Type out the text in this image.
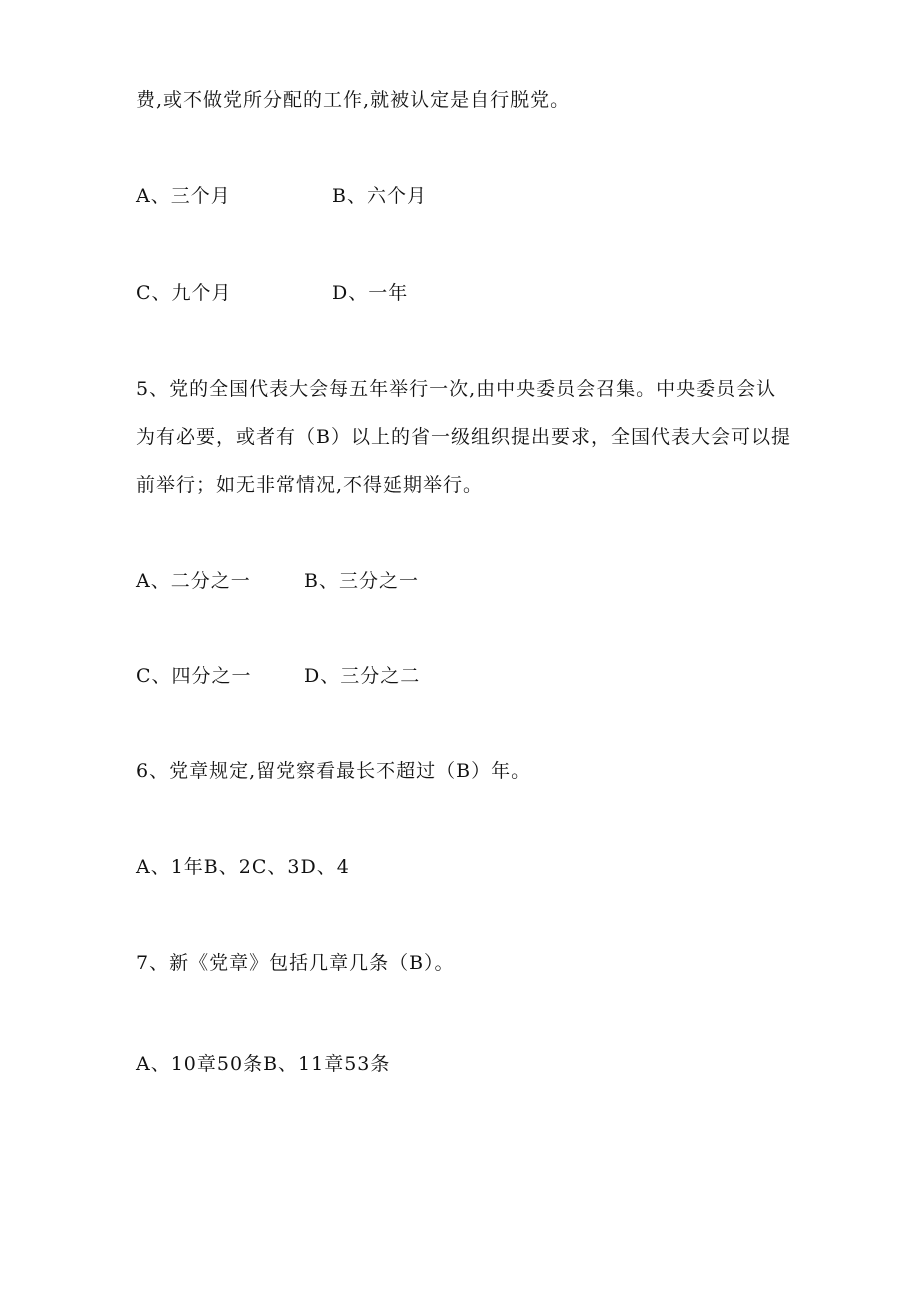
费,或不做党所分配的工作,就被认定是自行脱党。
A、三个月	B、六个月
C、九个月	D、一年
5、党的全国代表大会每五年举行一次,由中央委员会召集。中央委员会认
为有必要，或者有（B）以上的省一级组织提出要求，全国代表大会可以提
前举行；如无非常情况,不得延期举行。
A、二分之一	B、三分之一
C、四分之一	D、三分之二
6、党章规定,留党察看最长不超过（B）年。
A、1年B、2C、3D、4
7、新《党章》包括几章几条（B）。
A、10章50条B、11章53条
